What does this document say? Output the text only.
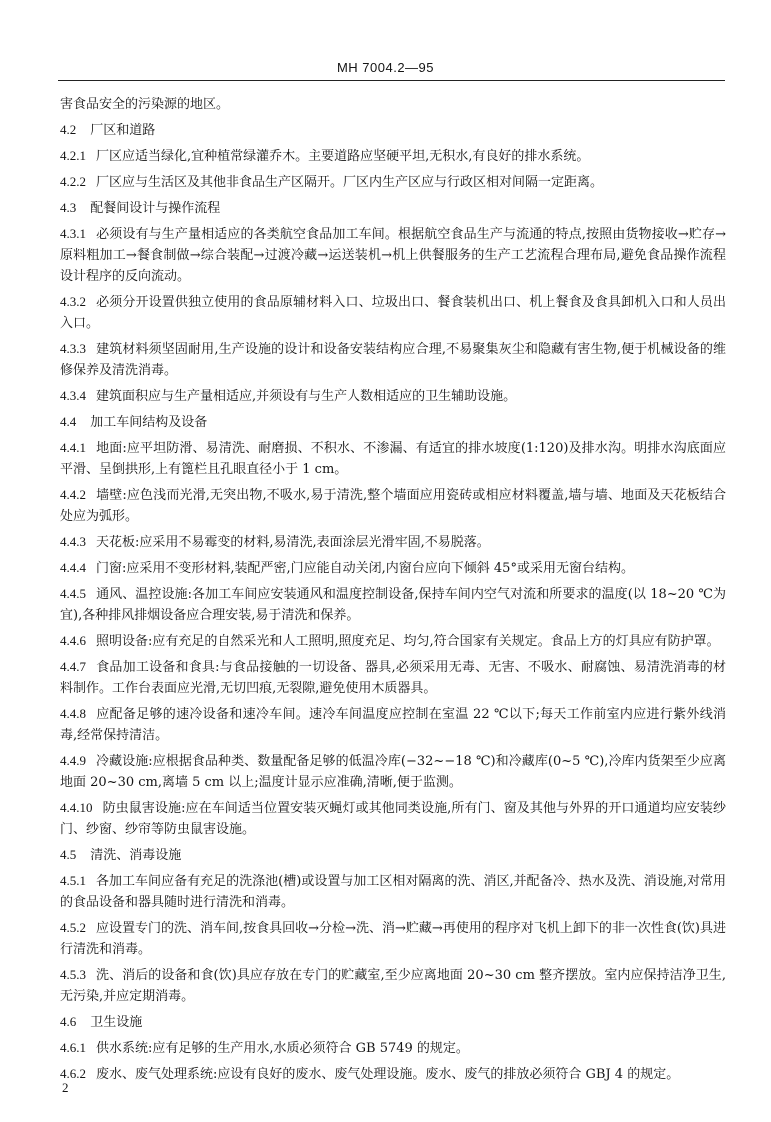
MH 7004.2—95

害食品安全的污染源的地区。

4.2 厂区和道路

4.2.1 厂区应适当绿化,宜种植常绿灌乔木。主要道路应坚硬平坦,无积水,有良好的排水系统。

4.2.2 厂区应与生活区及其他非食品生产区隔开。厂区内生产区应与行政区相对间隔一定距离。

4.3 配餐间设计与操作流程

4.3.1 必须设有与生产量相适应的各类航空食品加工车间。根据航空食品生产与流通的特点,按照由货物接收→贮存→原料粗加工→餐食制做→综合装配→过渡冷藏→运送装机→机上供餐服务的生产工艺流程合理布局,避免食品操作流程设计程序的反向流动。

4.3.2 必须分开设置供独立使用的食品原辅材料入口、垃圾出口、餐食装机出口、机上餐食及食具卸机入口和人员出入口。

4.3.3 建筑材料须坚固耐用,生产设施的设计和设备安装结构应合理,不易聚集灰尘和隐藏有害生物,便于机械设备的维修保养及清洗消毒。

4.3.4 建筑面积应与生产量相适应,并须设有与生产人数相适应的卫生辅助设施。

4.4 加工车间结构及设备

4.4.1 地面:应平坦防滑、易清洗、耐磨损、不积水、不渗漏、有适宜的排水坡度(1:120)及排水沟。明排水沟底面应平滑、呈倒拱形,上有篦栏且孔眼直径小于 1 cm。

4.4.2 墙壁:应色浅而光滑,无突出物,不吸水,易于清洗,整个墙面应用瓷砖或相应材料覆盖,墙与墙、地面及天花板结合处应为弧形。

4.4.3 天花板:应采用不易霉变的材料,易清洗,表面涂层光滑牢固,不易脱落。

4.4.4 门窗:应采用不变形材料,装配严密,门应能自动关闭,内窗台应向下倾斜 45°或采用无窗台结构。

4.4.5 通风、温控设施:各加工车间应安装通风和温度控制设备,保持车间内空气对流和所要求的温度(以 18~20 ℃为宜),各种排风排烟设备应合理安装,易于清洗和保养。

4.4.6 照明设备:应有充足的自然采光和人工照明,照度充足、均匀,符合国家有关规定。食品上方的灯具应有防护罩。

4.4.7 食品加工设备和食具:与食品接触的一切设备、器具,必须采用无毒、无害、不吸水、耐腐蚀、易清洗消毒的材料制作。工作台表面应光滑,无切凹痕,无裂隙,避免使用木质器具。

4.4.8 应配备足够的速冷设备和速冷车间。速冷车间温度应控制在室温 22 ℃以下;每天工作前室内应进行紫外线消毒,经常保持清洁。

4.4.9 冷藏设施:应根据食品种类、数量配备足够的低温冷库(−32~−18 ℃)和冷藏库(0~5 ℃),冷库内货架至少应离地面 20~30 cm,离墙 5 cm 以上;温度计显示应准确,清晰,便于监测。

4.4.10 防虫鼠害设施:应在车间适当位置安装灭蝇灯或其他同类设施,所有门、窗及其他与外界的开口通道均应安装纱门、纱窗、纱帘等防虫鼠害设施。

4.5 清洗、消毒设施

4.5.1 各加工车间应备有充足的洗涤池(槽)或设置与加工区相对隔离的洗、消区,并配备冷、热水及洗、消设施,对常用的食品设备和器具随时进行清洗和消毒。

4.5.2 应设置专门的洗、消车间,按食具回收→分检→洗、消→贮藏→再使用的程序对飞机上卸下的非一次性食(饮)具进行清洗和消毒。

4.5.3 洗、消后的设备和食(饮)具应存放在专门的贮藏室,至少应离地面 20~30 cm 整齐摆放。室内应保持洁净卫生,无污染,并应定期消毒。

4.6 卫生设施

4.6.1 供水系统:应有足够的生产用水,水质必须符合 GB 5749 的规定。

4.6.2 废水、废气处理系统:应设有良好的废水、废气处理设施。废水、废气的排放必须符合 GBJ 4 的规定。

2
